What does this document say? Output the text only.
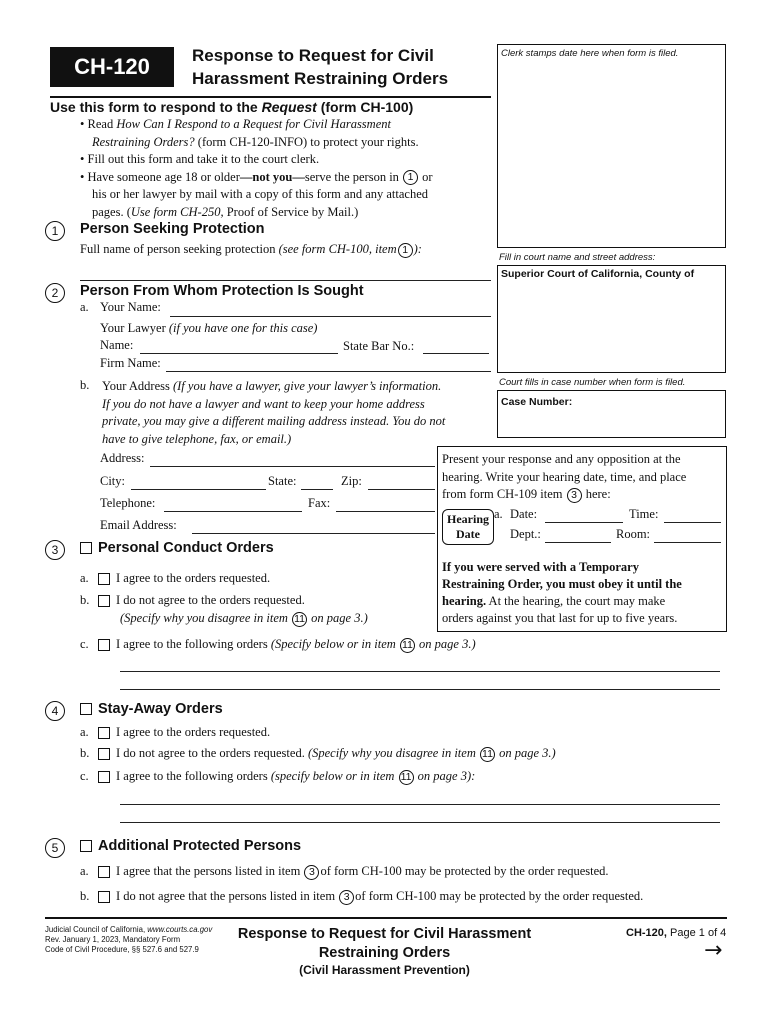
CH-120	Response to Request for Civil
Harassment Restraining Orders
Clerk stamps date here when form is filed.
Use this form to respond to the Request (form CH-100)
• Read How Can I Respond to a Request for Civil Harassment
Restraining Orders? (form CH-120-INFO) to protect your rights.
• Fill out this form and take it to the court clerk.
• Have someone age 18 or older—not you—serve the person in 1 or
his or her lawyer by mail with a copy of this form and any attached
pages. (Use form CH-250, Proof of Service by Mail.)
Fill in court name and street address:
Superior Court of California, County of
Court fills in case number when form is filed.
Case Number:
1	Person Seeking Protection
Full name of person seeking protection (see form CH-100, item 1 ):
2	Person From Whom Protection Is Sought
a. Your Name:
Your Lawyer (if you have one for this case)
Name:	State Bar No.:
Firm Name:
b. Your Address (If you have a lawyer, give your lawyer’s information.
If you do not have a lawyer and want to keep your home address
private, you may give a different mailing address instead. You do not
have to give telephone, fax, or email.)
Address:
City:	State:	Zip:
Telephone:	Fax:
Email Address:
Present your response and any opposition at the
hearing. Write your hearing date, time, and place
from form CH-109 item 3 here:
Hearing
Date
a. Date:	Time:
Dept.:	Room:
If you were served with a Temporary
Restraining Order, you must obey it until the
hearing. At the hearing, the court may make
orders against you that last for up to five years.
3	Personal Conduct Orders
a.	I agree to the orders requested.
b.	I do not agree to the orders requested.
(Specify why you disagree in item 11 on page 3.)
c.	I agree to the following orders (Specify below or in item 11 on page 3.)
4	Stay-Away Orders
a.	I agree to the orders requested.
b.	I do not agree to the orders requested. (Specify why you disagree in item 11 on page 3.)
c.	I agree to the following orders (specify below or in item 11 on page 3):
5	Additional Protected Persons
a.	I agree that the persons listed in item 3 of form CH-100 may be protected by the order requested.
b.	I do not agree that the persons listed in item 3 of form CH-100 may be protected by the order requested.
Judicial Council of California, www.courts.ca.gov
Rev. January 1, 2023, Mandatory Form
Code of Civil Procedure, §§ 527.6 and 527.9
Response to Request for Civil Harassment
Restraining Orders
(Civil Harassment Prevention)
CH-120, Page 1 of 4
→
